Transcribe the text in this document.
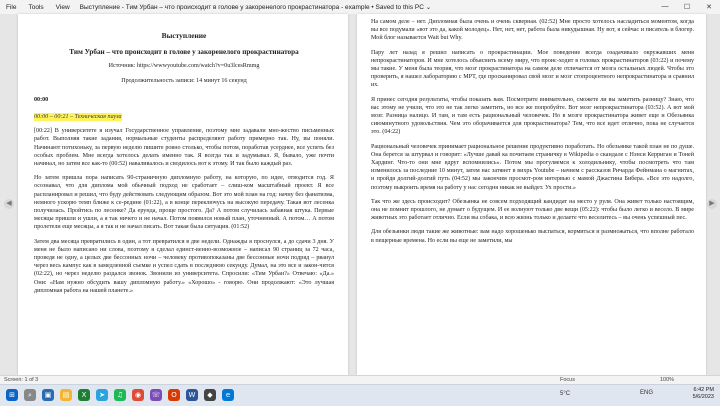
File	Tools	View	Выступление - Тим Урбан – что происходит в голове у закоренелого прокрастинатора - example • Saved to this PC ⌄	—	☐	✕
◀	▶
Выступление
Тим Урбан – что происходит в голове у закоренелого прокрастинатора
Источник: https://wwwyoutube.com/watch?v=0u3lcesRmmg
Продолжительность записи: 14 минут 16 секунд
00:00

00:00 – 00:21 – Техническая пауза

[00:22] В университете я изучал Государственное управление, поэтому мне задавали мно-жество письменных работ. Выполняя такие задания, нормальные студенты распределяют работу примерно так. Ну, вы поняли. Начинают потихоньку, за первую неделю пишите ровно столько, чтобы потом, поработав усерднее, все успеть без особых проблем. Мне всегда хотелось делать именно так. Я всегда так и задумывал. Я, бывало, уже почти начинал, но затем все как-то (00:52) наваливалось и сводилось вот к этому. И так было каждый раз.

Но затем пришла пора написать 90-страничную дипломную работу, на которую, по идее, отводится год. Я осознавал, что для диплома мой обычный подход не сработает – слиш-ком масштабный проект. Я все распланировал и решил, что буду действовать следующим образом. Вот это мой план на год: начну без фанатизма, немного ускорю темп ближе к се-редине (01:22), а в конце переключусь на высокую передачу. Такая вот лесенка получилась. Пройтись по лесенке? Да ерунда, проще простого. Да? А потом случилась забавная штука. Первые месяцы пришли и ушли, а я так ничего и не начал. Потом появился новый план, уточненный. А потом… А потом пролетели еще месяцы, а я так и не начал писать. Вот такая была ситуация. (01:52)

Затем два месяца превратились в один, а тот превратился в две недели. Однажды я проснулся, а до сдачи 3 дня. У меня не было написано ни слова, поэтому я сделал единст-венно-возможное – написал 90 страниц за 72 часа, проведя не одну, а целых две бессонных ночи – человеку противопоказаны две бессонные ночи подряд – рванул через весь кампус как в замедленной съемке и успел сдать в последнюю секунду. Думал, на это все и закон-чится (02:22), но через неделю раздался звонок. Звонили из университета. Спросили: «Тим Урбан?» Отвечаю: «Да.» Они: «Нам нужно обсудить вашу дипломную работу.» «Хорошо» - говорю. Они продолжают: «Это лучшая дипломная работа на нашей планете.»

На самом деле – нет. Дипломная была очень и очень скверная. (02:52) Мне просто хотелось насладиться моментом, когда вы все подумали «вот это да, какой молодец». Нет, нет, нет, работа была никудышная. Ну вот, я сейчас и писатель и блогер. Мой блог называется Wait but Why.

Пару лет назад я решил написать о прокрастинации. Мое поведение всегда озадачивало окружавших меня непрокрастинаторов. И мне хотелось объяснить всему миру, что проис-ходит в головах прокрастинаторов (03:22) и почему мы такие. У меня была теория, что мозг прокрастинатора на самом деле отличается от мозга остальных людей. Чтобы это проверить, я нашел лабораторию с МРТ, где просканировал свой мозг и мозг стопроцентного непрокрастинатора и сравнил их.

Я принес сегодня результаты, чтобы показать вам. Посмотрите внимательно, сможете ли вы заметить разницу? Знаю, что вас этому не учили, что это не так легко заметить, но все же попробуйте. Вот мозг непрокрастинатора (03:52). А вот мой мозг. Разница налицо. И там, и там есть рациональный человечек. Но в мозге прокрастинатора живет еще и Обезьянка сиюминутного удовольствия. Чем это оборачивается для прокрастинатора? Тем, что все идет отлично, пока не случается это. (04:22)

Рациональный человечек принимает рациональное решение продуктивно поработать. Но обезьянке такой план не по душе. Она берется за штурвал и говорит: «Лучше давай ка почитаем страничку в Wikipedia о скандале с Нэнси Керриган и Тоней Хардинг. Что-то они мне вдруг вспомнились». Потом мы прогуляемся к холодильнику, чтобы посмотреть что там изменилось за последние 10 минут, затем нас затянет в вихрь Youtube – начнем с рассказов Ричарда Фейнмана о магнитах, и пройдя долгий-долгий путь (04:52) мы закончим просмот-ром интервью с мамой Джастина Бибера. «Все это надолго, поэтому выкроить время на работу у нас сегодня никак не выйдет. Ух прости.»

Так что же здесь происходит? Обезьянка не совсем подходящий кандидат на место у руля. Она живет только настоящим, она не помнит прошлого, не думает о будущем. И ее волнуют только две вещи (05:22): чтобы было легко и весело. В мире животных это работает отлично. Если вы собака, и всю жизнь только и делаете что веселитесь – вы очень успешный пес.

Для обезьянки люди такие же животные: вам надо хорошенько выспаться, кормиться и размножаться, что вполне работало в пещерные времена. Но если вы еще не заметили, мы

Screen: 1 of 3	Focus	100%
⊞	⌕	▣	▤	X	➤	♫	◉	☏	O	W	◆	e	5°C	ENG	6:42 PM
5/6/2023
